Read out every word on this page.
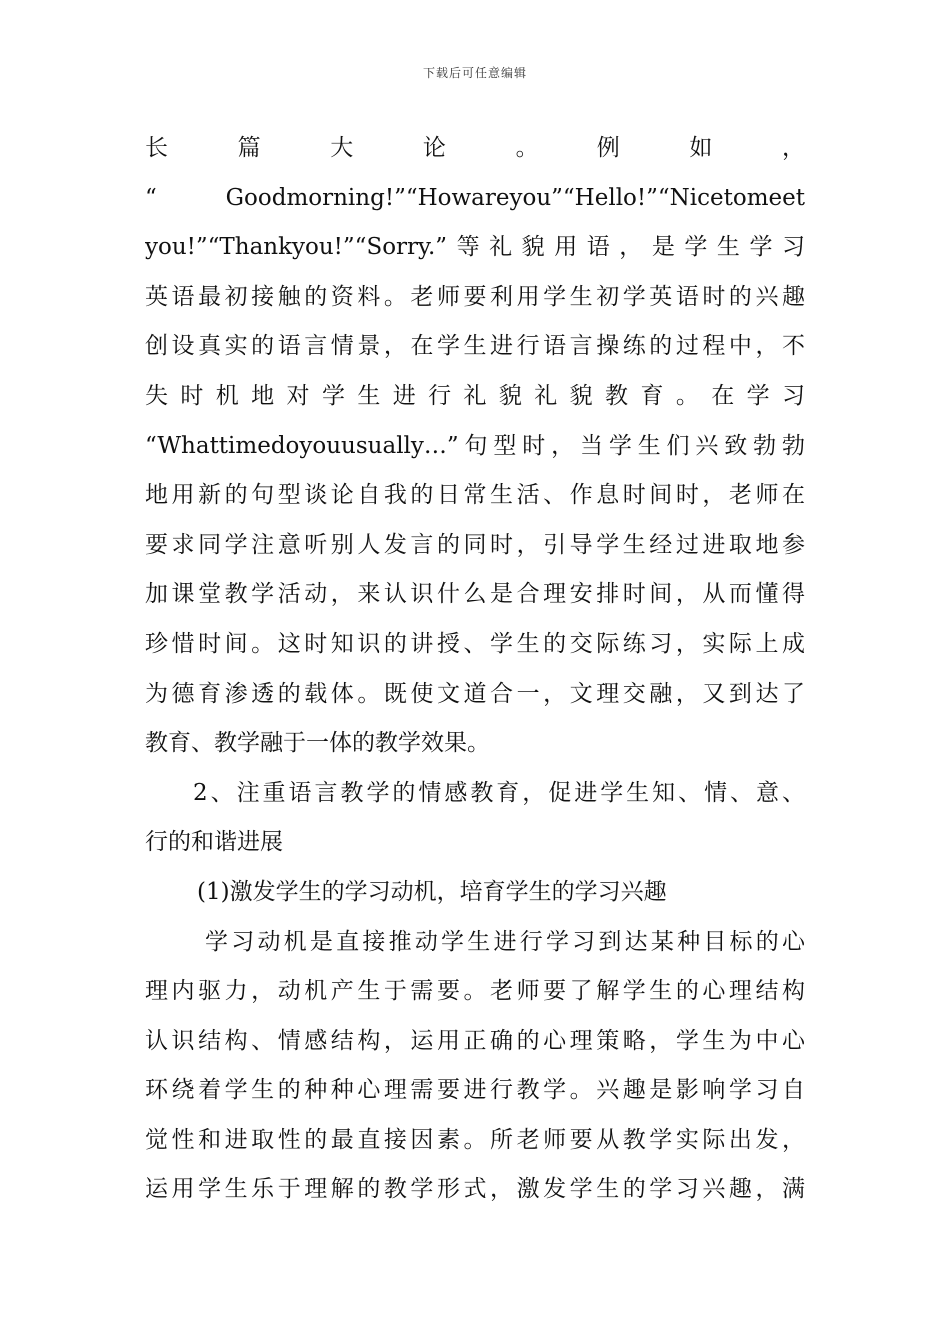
下载后可任意编辑
长　　　篇　　　大　　　论　　　。　　　例　　　如　　　，
“ Goodmorning!”“Howareyou”“Hello!”“Nicetomeet
you!”“Thankyou!”“Sorry.”等礼貌用语，是学生学习
英语最初接触的资料。老师要利用学生初学英语时的兴趣
创设真实的语言情景，在学生进行语言操练的过程中，不
失时机地对学生进行礼貌礼貌教育。在学习
“Whattimedoyouusually…”句型时，当学生们兴致勃勃
地用新的句型谈论自我的日常生活、作息时间时，老师在
要求同学注意听别人发言的同时，引导学生经过进取地参
加课堂教学活动，来认识什么是合理安排时间，从而懂得
珍惜时间。这时知识的讲授、学生的交际练习，实际上成
为德育渗透的载体。既使文道合一，文理交融，又到达了
教育、教学融于一体的教学效果。
2、注重语言教学的情感教育，促进学生知、情、意、
行的和谐进展
(1)激发学生的学习动机，培育学生的学习兴趣
学习动机是直接推动学生进行学习到达某种目标的心
理内驱力，动机产生于需要。老师要了解学生的心理结构
认识结构、情感结构，运用正确的心理策略，学生为中心
环绕着学生的种种心理需要进行教学。兴趣是影响学习自
觉性和进取性的最直接因素。所老师要从教学实际出发，
运用学生乐于理解的教学形式，激发学生的学习兴趣，满
